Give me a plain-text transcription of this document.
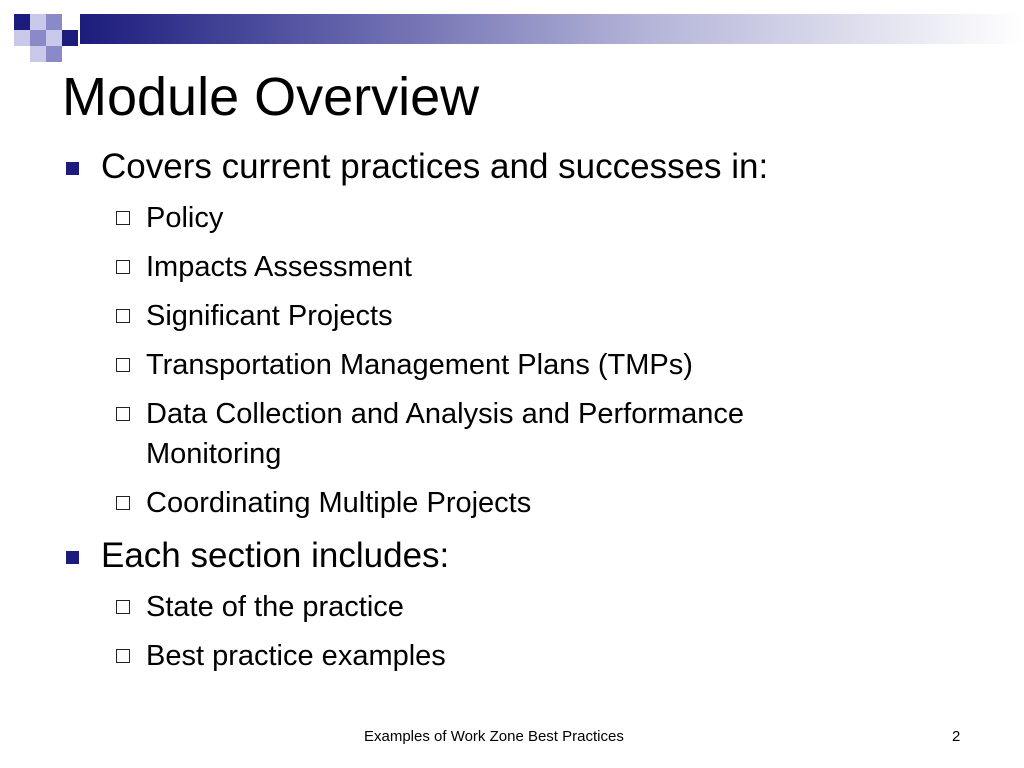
Module Overview
Covers current practices and successes in:
Policy
Impacts Assessment
Significant Projects
Transportation Management Plans (TMPs)
Data Collection and Analysis and Performance Monitoring
Coordinating Multiple Projects
Each section includes:
State of the practice
Best practice examples
Examples of Work Zone Best Practices	2
